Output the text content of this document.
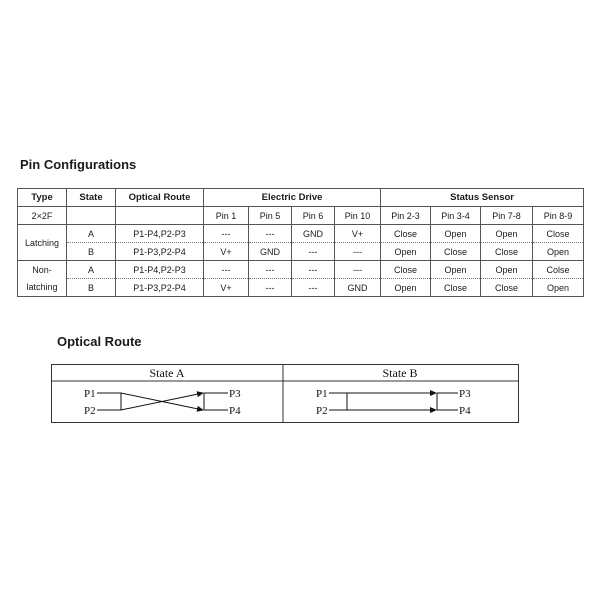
Pin Configurations
Type	State	Optical Route	Electric Drive				Status Sensor			
2×2F			Pin 1	Pin 5	Pin 6	Pin 10	Pin 2-3	Pin 3-4	Pin 7-8	Pin 8-9
Latching	A	P1-P4,P2-P3	---	---	GND	V+	Close	Open	Open	Close
	B	P1-P3,P2-P4	V+	GND	---	---	Open	Close	Close	Open
Non-	A	P1-P4,P2-P3	---	---	---	---	Close	Open	Open	Colse
latching	B	P1-P3,P2-P4	V+	---	---	GND	Open	Close	Close	Open
Optical Route
State A
P1
P2
P3
P4
State B
P1
P2
P3
P4
